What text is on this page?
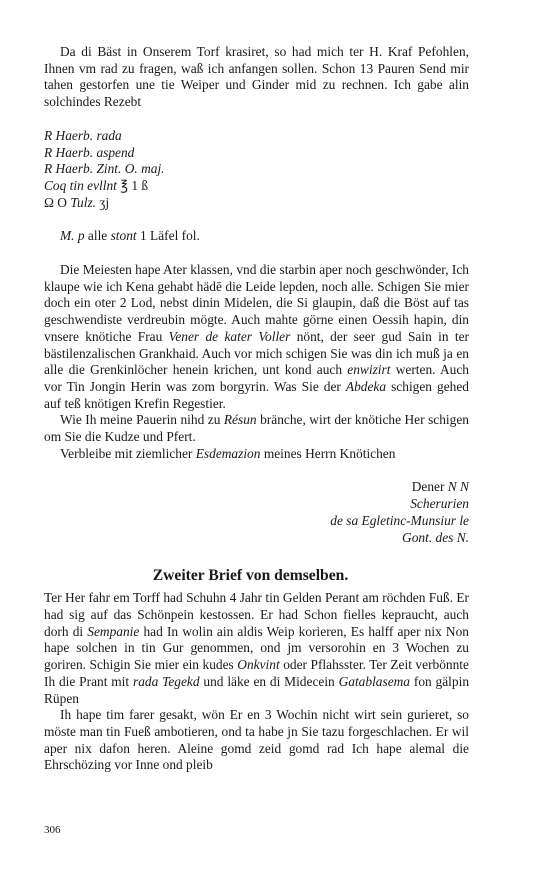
Da di Bäst in Onserem Torf krasiret, so had mich ter H. Kraf Pefohlen, Ihnen vm rad zu fragen, waß ich anfangen sollen. Schon 13 Pauren Send mir tahen gestorfen une tie Weiper und Ginder mid zu rechnen. Ich gabe alin solchindes Rezebt

R Haerb. rada
R Haerb. aspend
R Haerb. Zint. O. maj.
Coq tin evllnt ℥ 1 ß
Ω O Tulz. ʒj

M. p alle stont 1 Läfel fol.

Die Meiesten hape Ater klassen, vnd die starbin aper noch geschwönder, Ich klaupe wie ich Kena gehabt hädē die Leide lepden, noch alle. Schigen Sie mier doch ein oter 2 Lod, nebst dinin Midelen, die Si glaupin, daß die Böst auf tas geschwendiste verdreubin mögte. Auch mahte görne einen Oessih hapin, din vnsere knötiche Frau Vener de kater Voller nönt, der seer gud Sain in ter bästilenzalischen Grankhaid. Auch vor mich schigen Sie was din ich muß ja en alle die Grenkinlöcher henein krichen, unt kond auch enwizirt werten. Auch vor Tin Jongin Herin was zom borgyrin. Was Sie der Abdeka schigen gehed auf teß knötigen Krefin Regestier.

Wie Ih meine Pauerin nihd zu Résun bränche, wirt der knötiche Her schigen om Sie die Kudze und Pfert.

Verbleibe mit ziemlicher Esdemazion meines Herrn Knötichen

Dener N N
Scherurien
de sa Egletinc-Munsiur le
Gont. des N.
Zweiter Brief von demselben.

Ter Her fahr em Torff had Schuhn 4 Jahr tin Gelden Perant am röchden Fuß. Er had sig auf das Schönpein kestossen. Er had Schon fielles kepraucht, auch dorh di Sempanie had In wolin ain aldis Weip korieren, Es halff aper nix Non hape solchen in tin Gur genommen, ond jm versorohin en 3 Wochen zu goriren. Schigin Sie mier ein kudes Onkvint oder Pflahsster. Ter Zeit verbönnte Ih die Prant mit rada Tegekd und läke en di Midecein Gatablasema fon gälpin Rüpen

Ih hape tim farer gesakt, wön Er en 3 Wochin nicht wirt sein gurieret, so möste man tin Fueß ambotieren, ond ta habe jn Sie tazu forgeschlachen. Er wil aper nix dafon heren. Aleine gomd zeid gomd rad Ich hape alemal die Ehrschözing vor Inne ond pleib

306
